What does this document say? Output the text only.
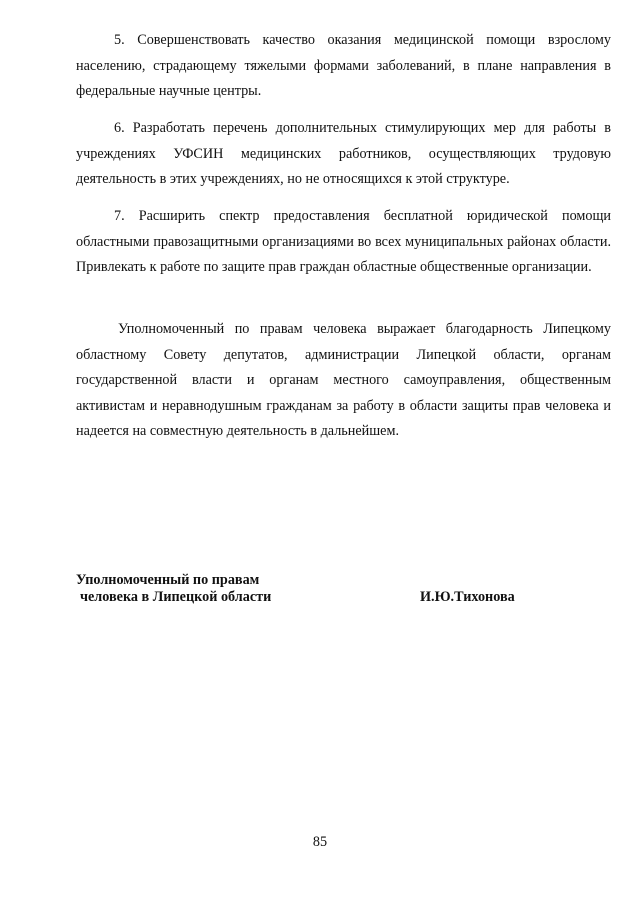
5. Совершенствовать качество оказания медицинской помощи взрослому населению, страдающему тяжелыми формами заболеваний, в плане направления в федеральные научные центры.

6. Разработать перечень дополнительных стимулирующих мер для работы в учреждениях УФСИН медицинских работников, осуществляющих трудовую деятельность в этих учреждениях, но не относящихся к этой структуре.

7. Расширить спектр предоставления бесплатной юридической помощи областными правозащитными организациями во всех муниципальных районах области. Привлекать к работе по защите прав граждан областные общественные организации.

Уполномоченный по правам человека выражает благодарность Липецкому областному Совету депутатов, администрации Липецкой области, органам государственной власти и органам местного самоуправления, общественным активистам и неравнодушным гражданам за работу в области защиты прав человека и надеется на совместную деятельность в дальнейшем.

Уполномоченный по правам
человека в Липецкой области	И.Ю.Тихонова
85
